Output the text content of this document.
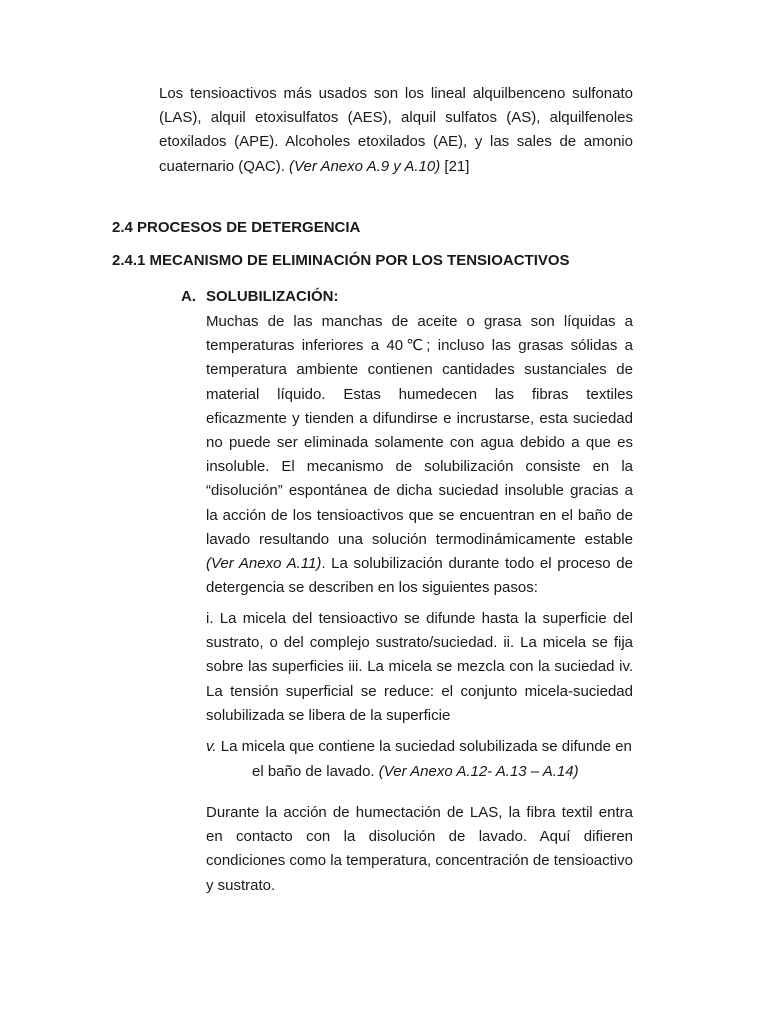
Los tensioactivos más usados son los lineal alquilbenceno sulfonato (LAS), alquil etoxisulfatos (AES), alquil sulfatos (AS), alquilfenoles etoxilados (APE). Alcoholes etoxilados (AE), y las sales de amonio cuaternario (QAC). (Ver Anexo A.9 y A.10) [21]

2.4 PROCESOS DE DETERGENCIA
2.4.1 MECANISMO DE ELIMINACIÓN POR LOS TENSIOACTIVOS
A. SOLUBILIZACIÓN:

Muchas de las manchas de aceite o grasa son líquidas a temperaturas inferiores a 40℃; incluso las grasas sólidas a temperatura ambiente contienen cantidades sustanciales de material líquido. Estas humedecen las fibras textiles eficazmente y tienden a difundirse e incrustarse, esta suciedad no puede ser eliminada solamente con agua debido a que es insoluble. El mecanismo de solubilización consiste en la “disolución” espontánea de dicha suciedad insoluble gracias a la acción de los tensioactivos que se encuentran en el baño de lavado resultando una solución termodinámicamente estable (Ver Anexo A.11). La solubilización durante todo el proceso de detergencia se describen en los siguientes pasos:

i. La micela del tensioactivo se difunde hasta la superficie del sustrato, o del complejo sustrato/suciedad. ii. La micela se fija sobre las superficies iii. La micela se mezcla con la suciedad iv. La tensión superficial se reduce: el conjunto micela-suciedad solubilizada se libera de la superficie

v. La micela que contiene la suciedad solubilizada se difunde en

el baño de lavado. (Ver Anexo A.12- A.13 – A.14)

Durante la acción de humectación de LAS, la fibra textil entra en contacto con la disolución de lavado. Aquí difieren condiciones como la temperatura, concentración de tensioactivo y sustrato.
